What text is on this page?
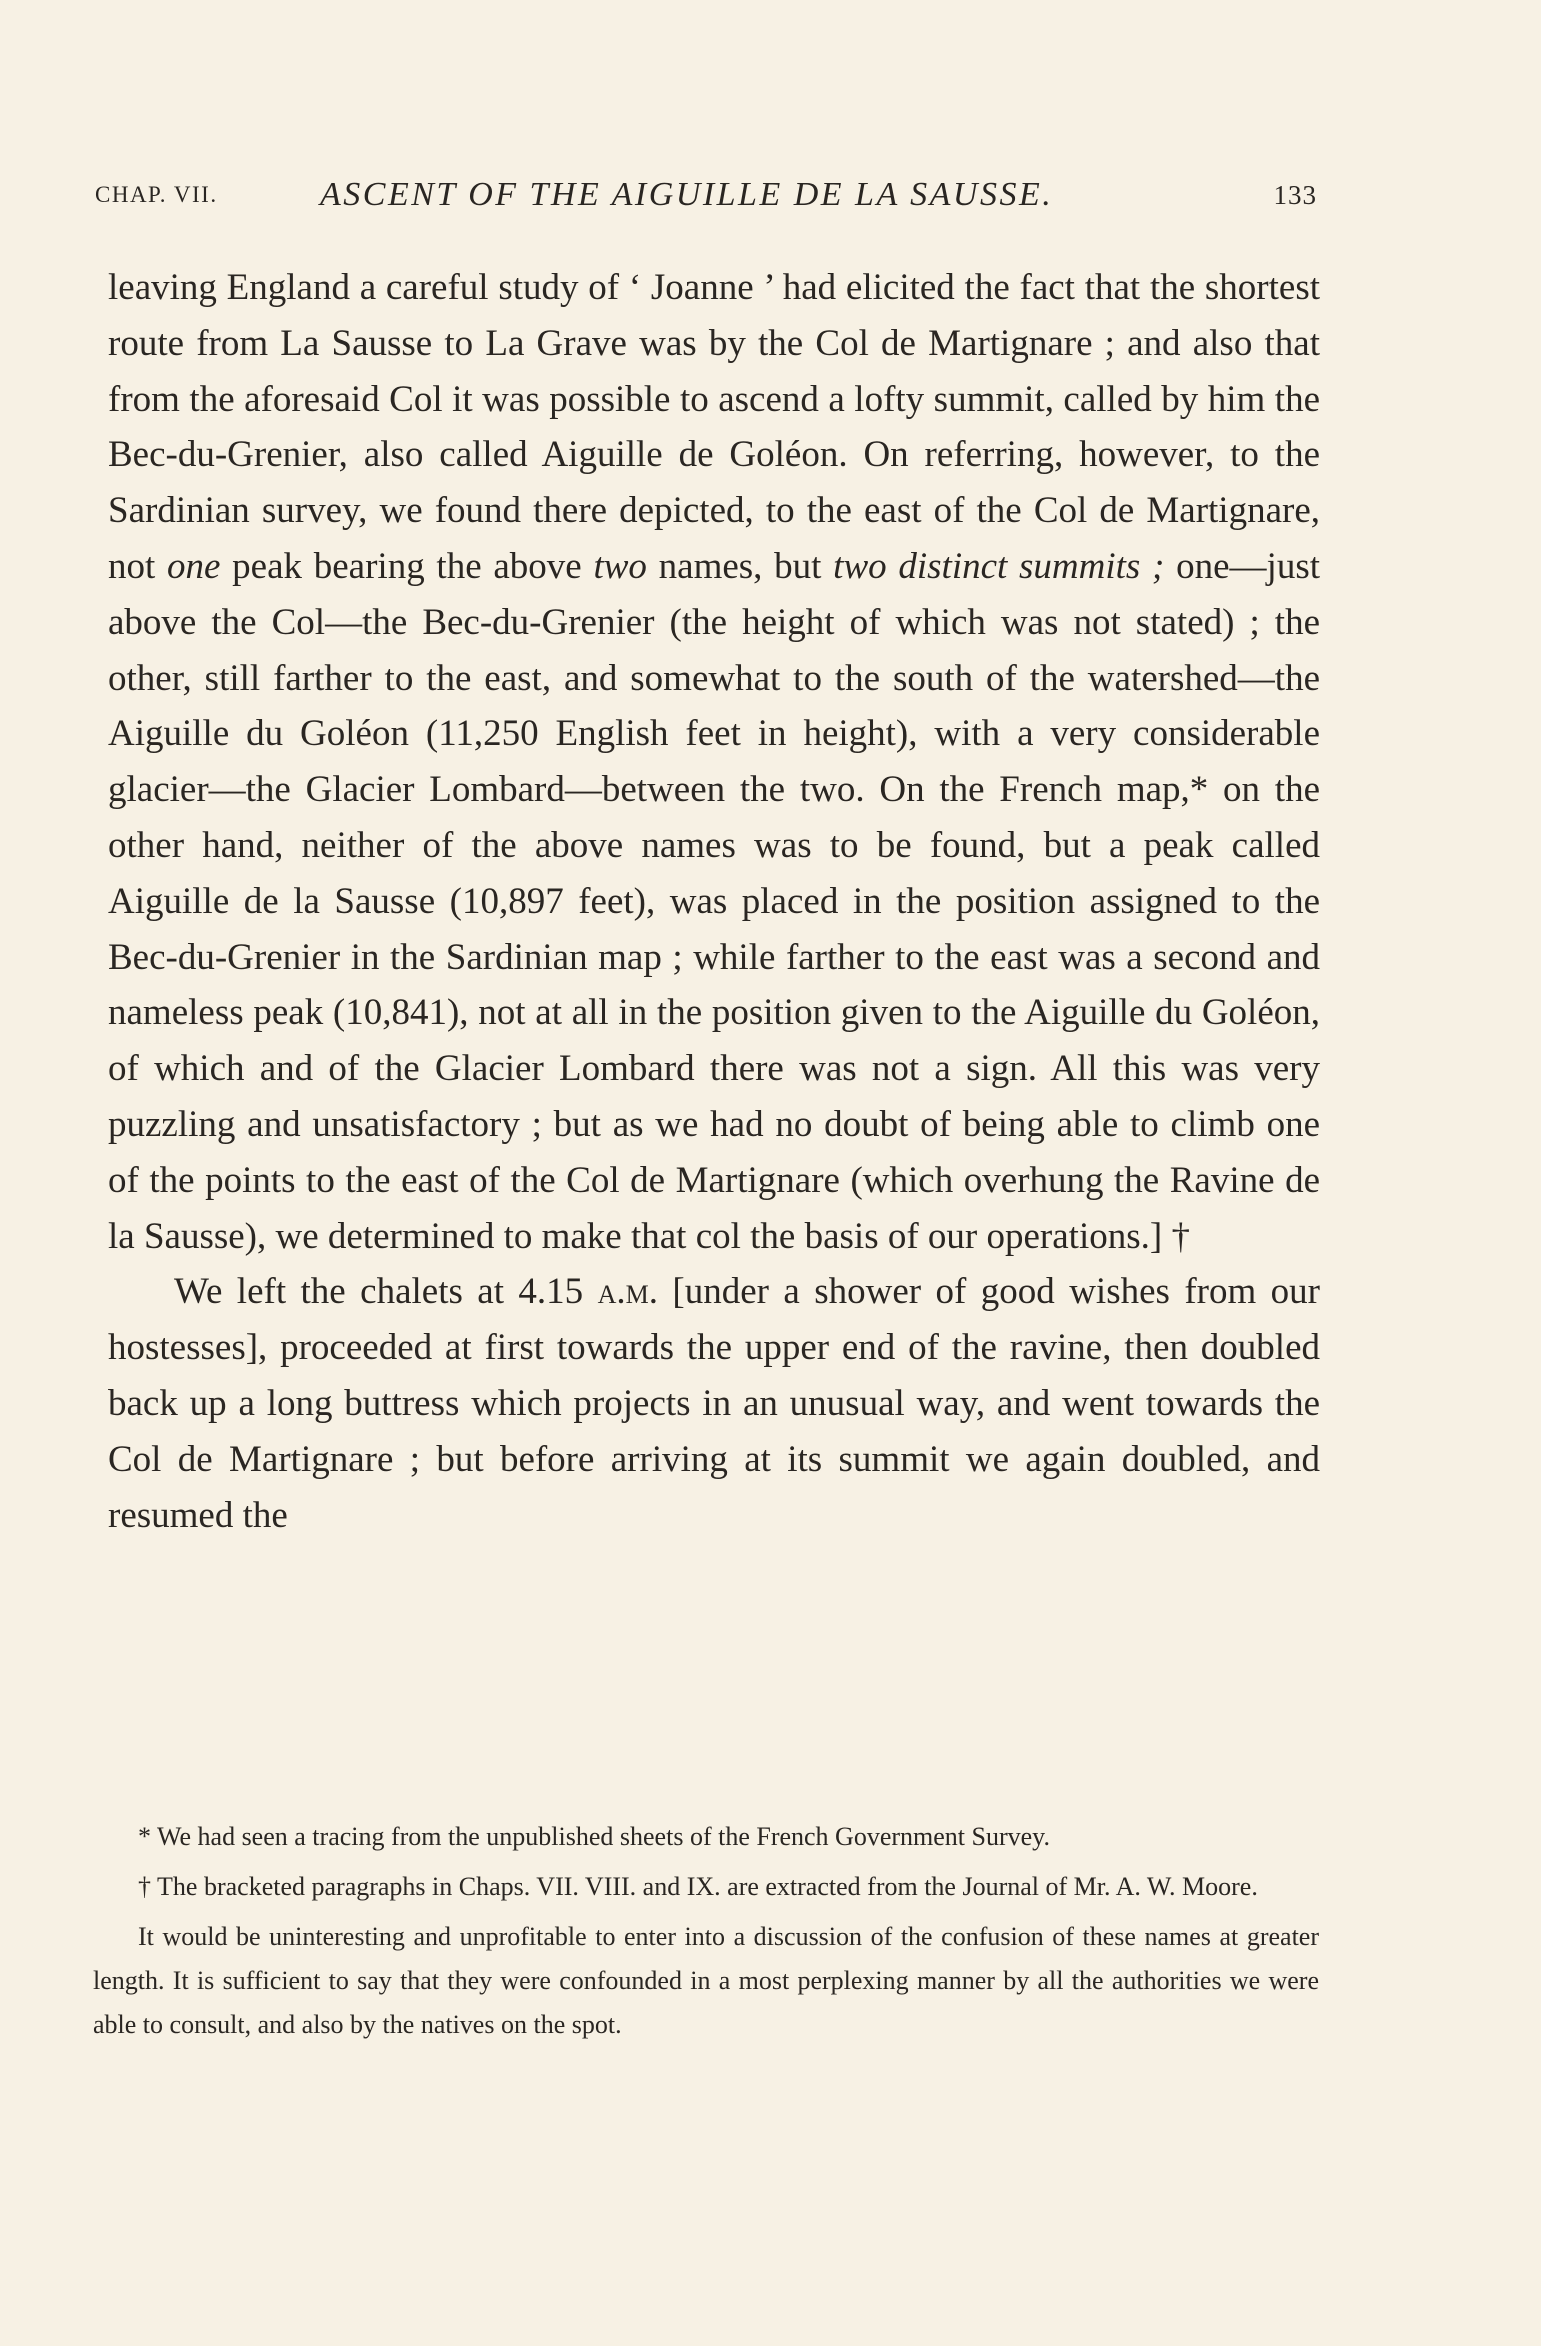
CHAP. VII.	ASCENT OF THE AIGUILLE DE LA SAUSSE.	133

leaving England a careful study of ‘ Joanne ’ had elicited the fact that the shortest route from La Sausse to La Grave was by the Col de Martignare ; and also that from the aforesaid Col it was possible to ascend a lofty summit, called by him the Bec-du-Grenier, also called Aiguille de Goléon. On referring, however, to the Sardinian survey, we found there depicted, to the east of the Col de Martignare, not one peak bearing the above two names, but two distinct summits ; one—just above the Col—the Bec-du-Grenier (the height of which was not stated) ; the other, still farther to the east, and somewhat to the south of the watershed—the Aiguille du Goléon (11,250 English feet in height), with a very considerable glacier—the Glacier Lombard—between the two. On the French map,* on the other hand, neither of the above names was to be found, but a peak called Aiguille de la Sausse (10,897 feet), was placed in the position assigned to the Bec-du-Grenier in the Sardinian map ; while farther to the east was a second and nameless peak (10,841), not at all in the position given to the Aiguille du Goléon, of which and of the Glacier Lombard there was not a sign. All this was very puzzling and unsatisfactory ; but as we had no doubt of being able to climb one of the points to the east of the Col de Martignare (which overhung the Ravine de la Sausse), we determined to make that col the basis of our operations.] †

We left the chalets at 4.15 a.m. [under a shower of good wishes from our hostesses], proceeded at first towards the upper end of the ravine, then doubled back up a long buttress which projects in an unusual way, and went towards the Col de Martignare ; but before arriving at its summit we again doubled, and resumed the

* We had seen a tracing from the unpublished sheets of the French Government Survey.

† The bracketed paragraphs in Chaps. VII. VIII. and IX. are extracted from the Journal of Mr. A. W. Moore.

It would be uninteresting and unprofitable to enter into a discussion of the confusion of these names at greater length. It is sufficient to say that they were confounded in a most perplexing manner by all the authorities we were able to consult, and also by the natives on the spot.
